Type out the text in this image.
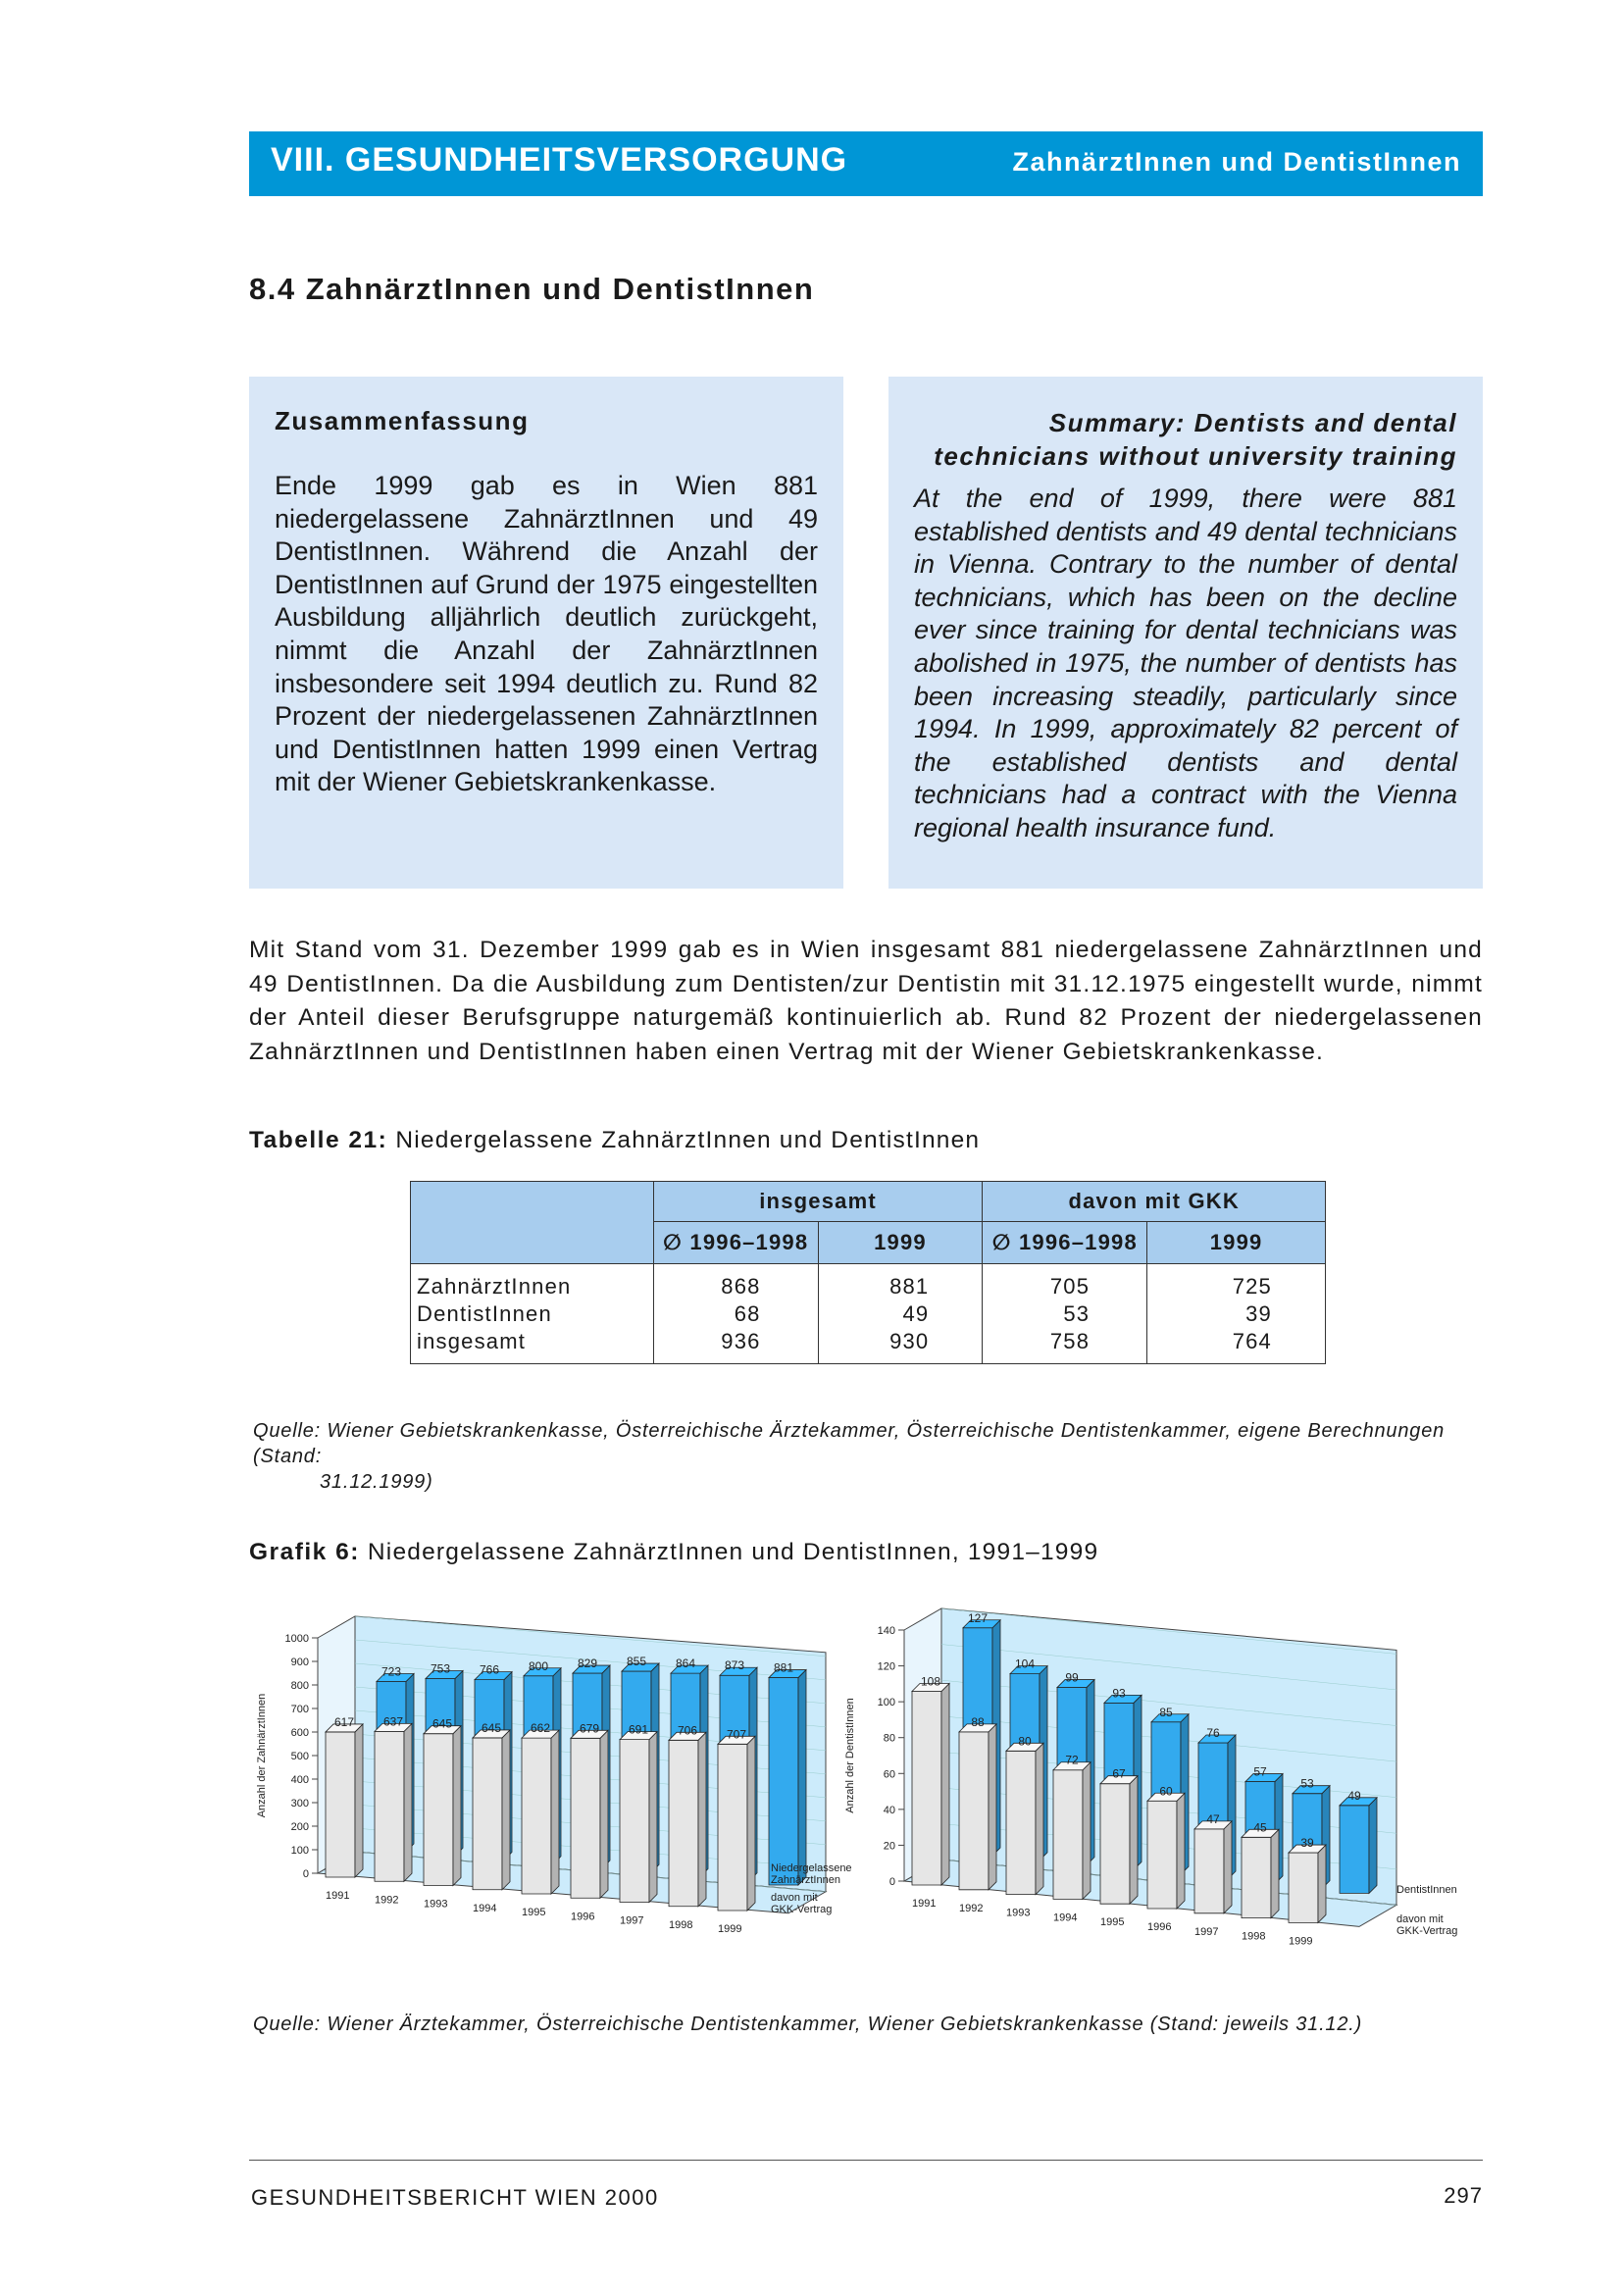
VIII. GESUNDHEITSVERSORGUNG	ZahnärztInnen und DentistInnen
8.4 ZahnärztInnen und DentistInnen
Zusammenfassung

Ende 1999 gab es in Wien 881 niedergelassene ZahnärztInnen und 49 DentistInnen. Während die Anzahl der DentistInnen auf Grund der 1975 eingestellten Ausbildung alljährlich deutlich zurückgeht, nimmt die Anzahl der ZahnärztInnen insbesondere seit 1994 deutlich zu. Rund 82 Prozent der niedergelassenen ZahnärztInnen und DentistInnen hatten 1999 einen Vertrag mit der Wiener Gebietskrankenkasse.

Summary: Dentists and dental technicians without university training

At the end of 1999, there were 881 established dentists and 49 dental technicians in Vienna. Contrary to the number of dental technicians, which has been on the decline ever since training for dental technicians was abolished in 1975, the number of dentists has been increasing steadily, particularly since 1994. In 1999, approximately 82 percent of the established dentists and dental technicians had a contract with the Vienna regional health insurance fund.

Mit Stand vom 31. Dezember 1999 gab es in Wien insgesamt 881 niedergelassene ZahnärztInnen und 49 DentistInnen. Da die Ausbildung zum Dentisten/zur Dentistin mit 31.12.1975 eingestellt wurde, nimmt der Anteil dieser Berufsgruppe naturgemäß kontinuierlich ab. Rund 82 Prozent der niedergelassenen ZahnärztInnen und DentistInnen haben einen Vertrag mit der Wiener Gebietskrankenkasse.

Tabelle 21: Niedergelassene ZahnärztInnen und DentistInnen
	insgesamt		davon mit GKK	
	∅ 1996–1998	1999	∅ 1996–1998	1999
ZahnärztInnen	868	881	705	725
DentistInnen	68	49	53	39
insgesamt	936	930	758	764
Quelle: Wiener Gebietskrankenkasse, Österreichische Ärztekammer, Österreichische Dentistenkammer, eigene Berechnungen (Stand:
31.12.1999)
Grafik 6: Niedergelassene ZahnärztInnen und DentistInnen, 1991–1999
0
100
200
300
400
500
600
700
800
900
1000
Anzahl der ZahnärztInnen
723 753 766 800 829 855 864 873 881
617 637 645 645 662 679 691 706 707
1991 1992 1993 1994 1995 1996 1997 1998 1999
Niedergelassene
ZahnärztInnen
davon mit
GKK-Vertrag
0
20
40
60
80
100
120
140
Anzahl der DentistInnen
127
104
99
93
85
76
57
53
49
108
88
80
72
67
60
47
45
39
1991 1992 1993 1994 1995 1996 1997 1998 1999
DentistInnen
davon mit
GKK-Vertrag
Quelle: Wiener Ärztekammer, Österreichische Dentistenkammer, Wiener Gebietskrankenkasse (Stand: jeweils 31.12.)
GESUNDHEITSBERICHT WIEN 2000	297
